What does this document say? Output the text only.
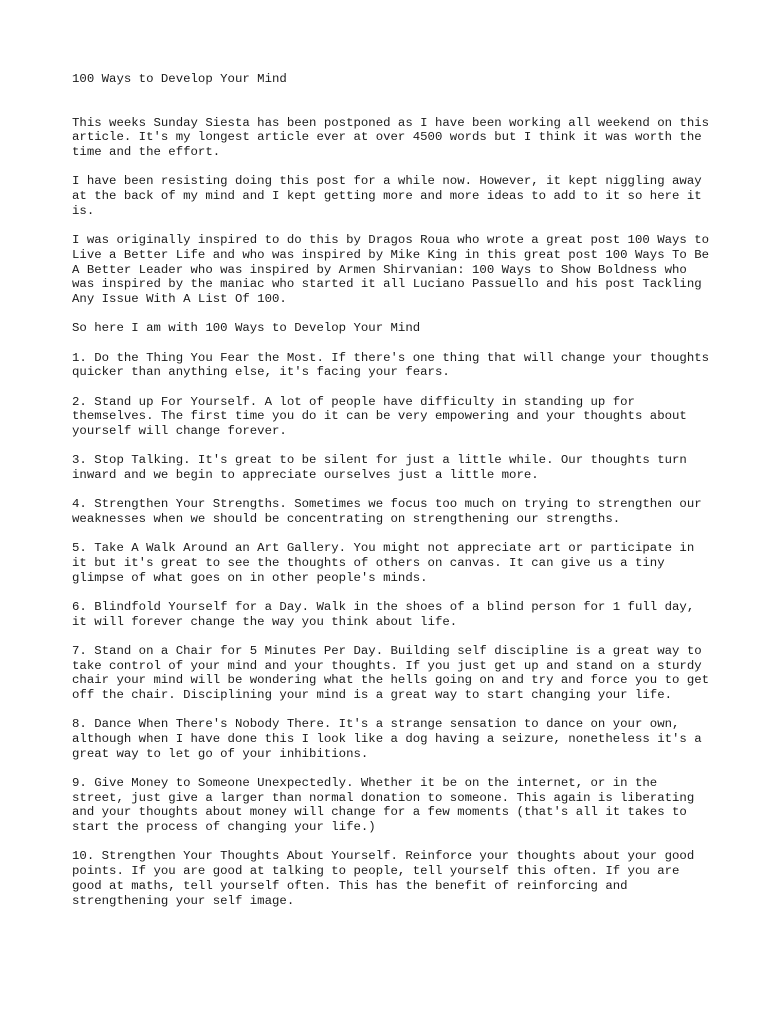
100 Ways to Develop Your Mind

This weeks Sunday Siesta has been postponed as I have been working all weekend on this article. It's my longest article ever at over 4500 words but I think it was worth the time and the effort.

I have been resisting doing this post for a while now. However, it kept niggling away at the back of my mind and I kept getting more and more ideas to add to it so here it is.

I was originally inspired to do this by Dragos Roua who wrote a great post 100 Ways to Live a Better Life and who was inspired by Mike King in this great post 100 Ways To Be A Better Leader who was inspired by Armen Shirvanian: 100 Ways to Show Boldness who was inspired by the maniac who started it all Luciano Passuello and his post Tackling Any Issue With A List Of 100.

So here I am with 100 Ways to Develop Your Mind

1. Do the Thing You Fear the Most. If there's one thing that will change your thoughts quicker than anything else, it's facing your fears.

2. Stand up For Yourself. A lot of people have difficulty in standing up for themselves. The first time you do it can be very empowering and your thoughts about yourself will change forever.

3. Stop Talking. It's great to be silent for just a little while. Our thoughts turn inward and we begin to appreciate ourselves just a little more.

4. Strengthen Your Strengths. Sometimes we focus too much on trying to strengthen our weaknesses when we should be concentrating on strengthening our strengths.

5. Take A Walk Around an Art Gallery. You might not appreciate art or participate in it but it's great to see the thoughts of others on canvas. It can give us a tiny glimpse of what goes on in other people's minds.

6. Blindfold Yourself for a Day. Walk in the shoes of a blind person for 1 full day, it will forever change the way you think about life.

7. Stand on a Chair for 5 Minutes Per Day. Building self discipline is a great way to take control of your mind and your thoughts. If you just get up and stand on a sturdy chair your mind will be wondering what the hells going on and try and force you to get off the chair. Disciplining your mind is a great way to start changing your life.

8. Dance When There's Nobody There. It's a strange sensation to dance on your own, although when I have done this I look like a dog having a seizure, nonetheless it's a great way to let go of your inhibitions.

9. Give Money to Someone Unexpectedly. Whether it be on the internet, or in the street, just give a larger than normal donation to someone. This again is liberating and your thoughts about money will change for a few moments (that's all it takes to start the process of changing your life.)

10. Strengthen Your Thoughts About Yourself. Reinforce your thoughts about your good points. If you are good at talking to people, tell yourself this often. If you are good at maths, tell yourself often. This has the benefit of reinforcing and strengthening your self image.
